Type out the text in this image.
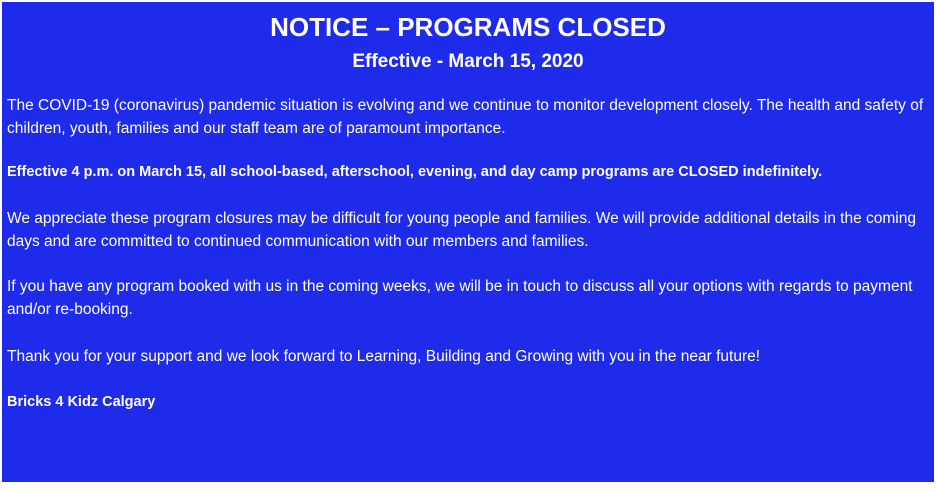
NOTICE – PROGRAMS CLOSED
Effective - March 15, 2020

The COVID-19 (coronavirus) pandemic situation is evolving and we continue to monitor development closely. The health and safety of children, youth, families and our staff team are of paramount importance.

Effective 4 p.m. on March 15, all school-based, afterschool, evening, and day camp programs are CLOSED indefinitely.

We appreciate these program closures may be difficult for young people and families. We will provide additional details in the coming days and are committed to continued communication with our members and families.

If you have any program booked with us in the coming weeks, we will be in touch to discuss all your options with regards to payment and/or re-booking.

Thank you for your support and we look forward to Learning, Building and Growing with you in the near future!

Bricks 4 Kidz Calgary
